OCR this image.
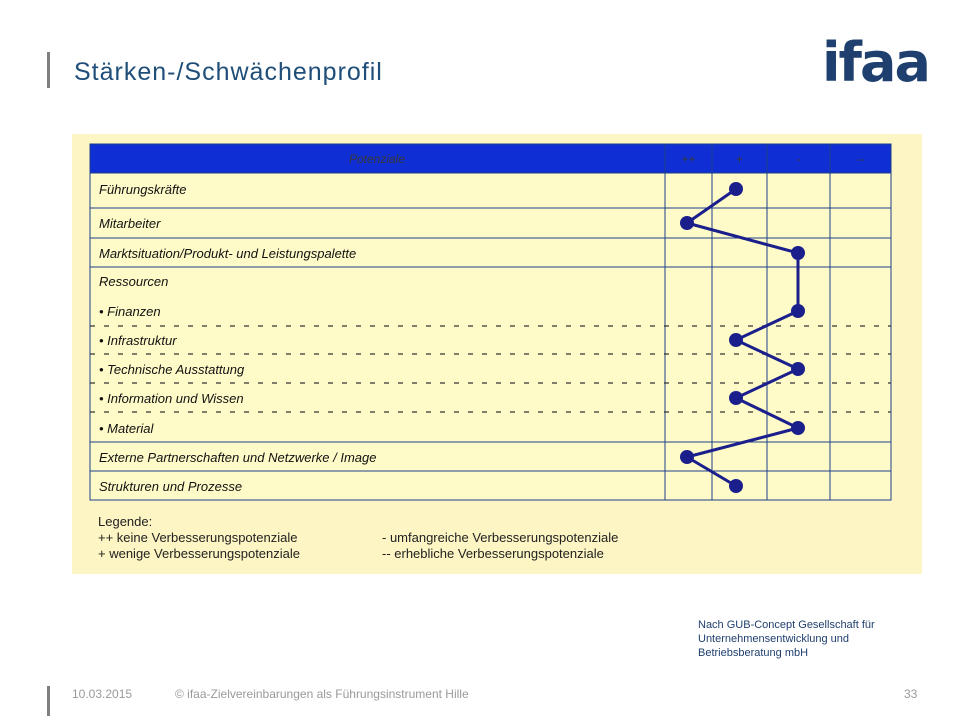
Stärken-/Schwächenprofil	ifaa
Potenziale	++	+	-	--
Führungskräfte
Mitarbeiter
Marktsituation/Produkt- und Leistungspalette
Ressourcen
• Finanzen
• Infrastruktur
• Technische Ausstattung
• Information und Wissen
• Material
Externe Partnerschaften und Netzwerke / Image
Strukturen und Prozesse
Legende:
++ keine Verbesserungspotenziale	- umfangreiche Verbesserungspotenziale
+ wenige Verbesserungspotenziale	-- erhebliche Verbesserungspotenziale
Nach GUB-Concept Gesellschaft für
Unternehmensentwicklung und
Betriebsberatung mbH
10.03.2015	© ifaa-Zielvereinbarungen als Führungsinstrument Hille	33
